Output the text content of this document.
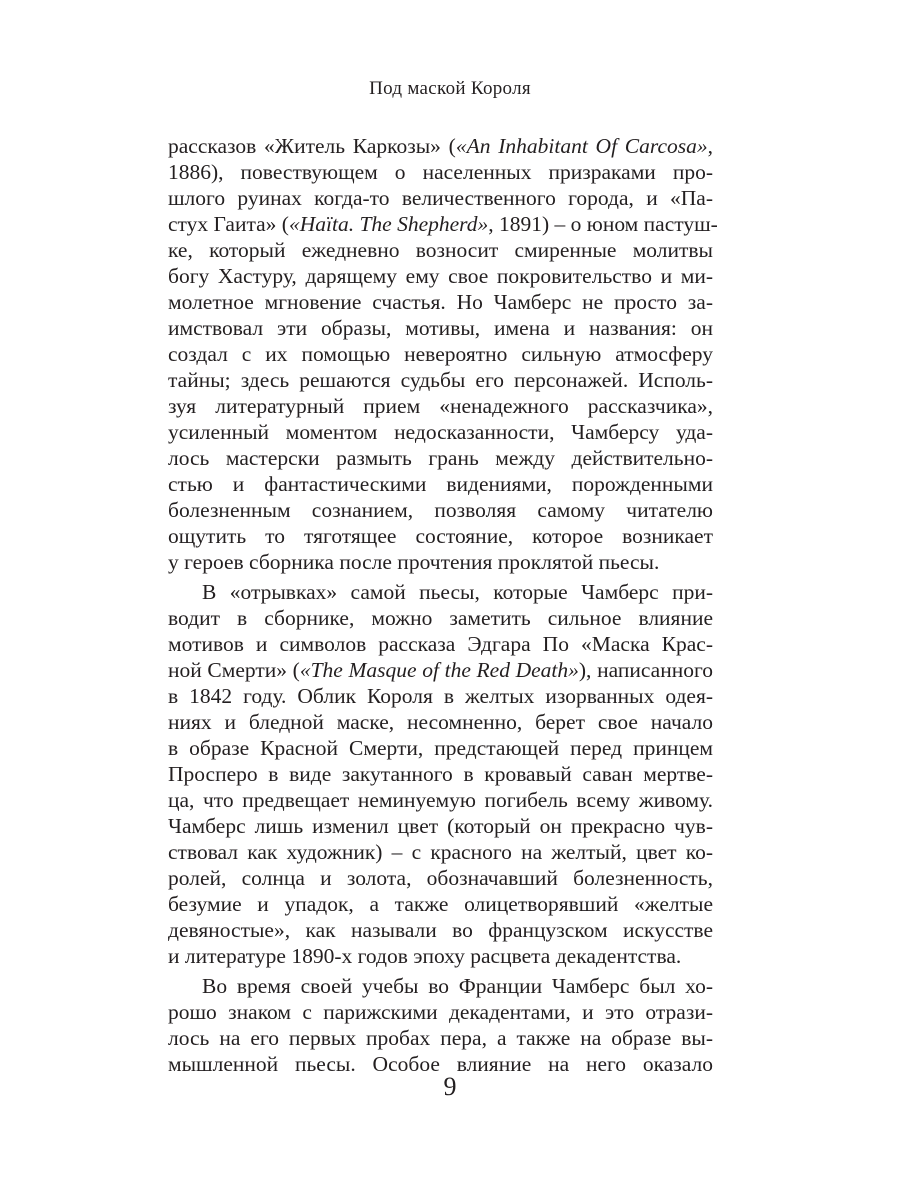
Под маской Короля
рассказов «Житель Каркозы» («An Inhabitant Of Carcosa»,
1886), повествующем о населенных призраками про-
шлого руинах когда-то величественного города, и «Па-
стух Гаита» («Haïta. The Shepherd», 1891) – о юном пастуш-
ке, который ежедневно возносит смиренные молитвы
богу Хастуру, дарящему ему свое покровительство и ми-
молетное мгновение счастья. Но Чамберс не просто за-
имствовал эти образы, мотивы, имена и названия: он
создал с их помощью невероятно сильную атмосферу
тайны; здесь решаются судьбы его персонажей. Исполь-
зуя литературный прием «ненадежного рассказчика»,
усиленный моментом недосказанности, Чамберсу уда-
лось мастерски размыть грань между действительно-
стью и фантастическими видениями, порожденными
болезненным сознанием, позволяя самому читателю
ощутить то тяготящее состояние, которое возникает
у героев сборника после прочтения проклятой пьесы.
В «отрывках» самой пьесы, которые Чамберс при-
водит в сборнике, можно заметить сильное влияние
мотивов и символов рассказа Эдгара По «Маска Крас-
ной Смерти» («The Masque of the Red Death»), написанного
в 1842 году. Облик Короля в желтых изорванных одея-
ниях и бледной маске, несомненно, берет свое начало
в образе Красной Смерти, предстающей перед принцем
Просперо в виде закутанного в кровавый саван мертве-
ца, что предвещает неминуемую погибель всему живому.
Чамберс лишь изменил цвет (который он прекрасно чув-
ствовал как художник) – с красного на желтый, цвет ко-
ролей, солнца и золота, обозначавший болезненность,
безумие и упадок, а также олицетворявший «желтые
девяностые», как называли во французском искусстве
и литературе 1890-х годов эпоху расцвета декадентства.
Во время своей учебы во Франции Чамберс был хо-
рошо знаком с парижскими декадентами, и это отрази-
лось на его первых пробах пера, а также на образе вы-
мышленной пьесы. Особое влияние на него оказало
9
